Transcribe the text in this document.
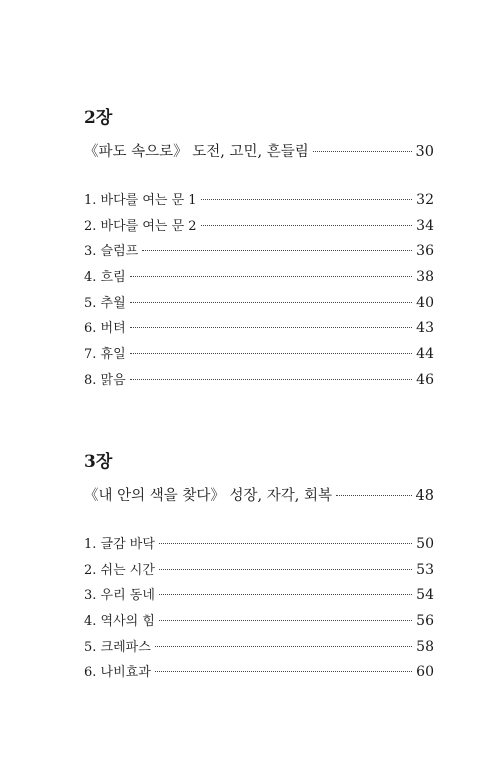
2장
《파도 속으로》 도전, 고민, 흔들림	30
1. 바다를 여는 문 1	32
2. 바다를 여는 문 2	34
3. 슬럼프	36
4. 흐림	38
5. 추월	40
6. 버텨	43
7. 휴일	44
8. 맑음	46
3장
《내 안의 색을 찾다》 성장, 자각, 회복	48
1. 글감 바닥	50
2. 쉬는 시간	53
3. 우리 동네	54
4. 역사의 힘	56
5. 크레파스	58
6. 나비효과	60
